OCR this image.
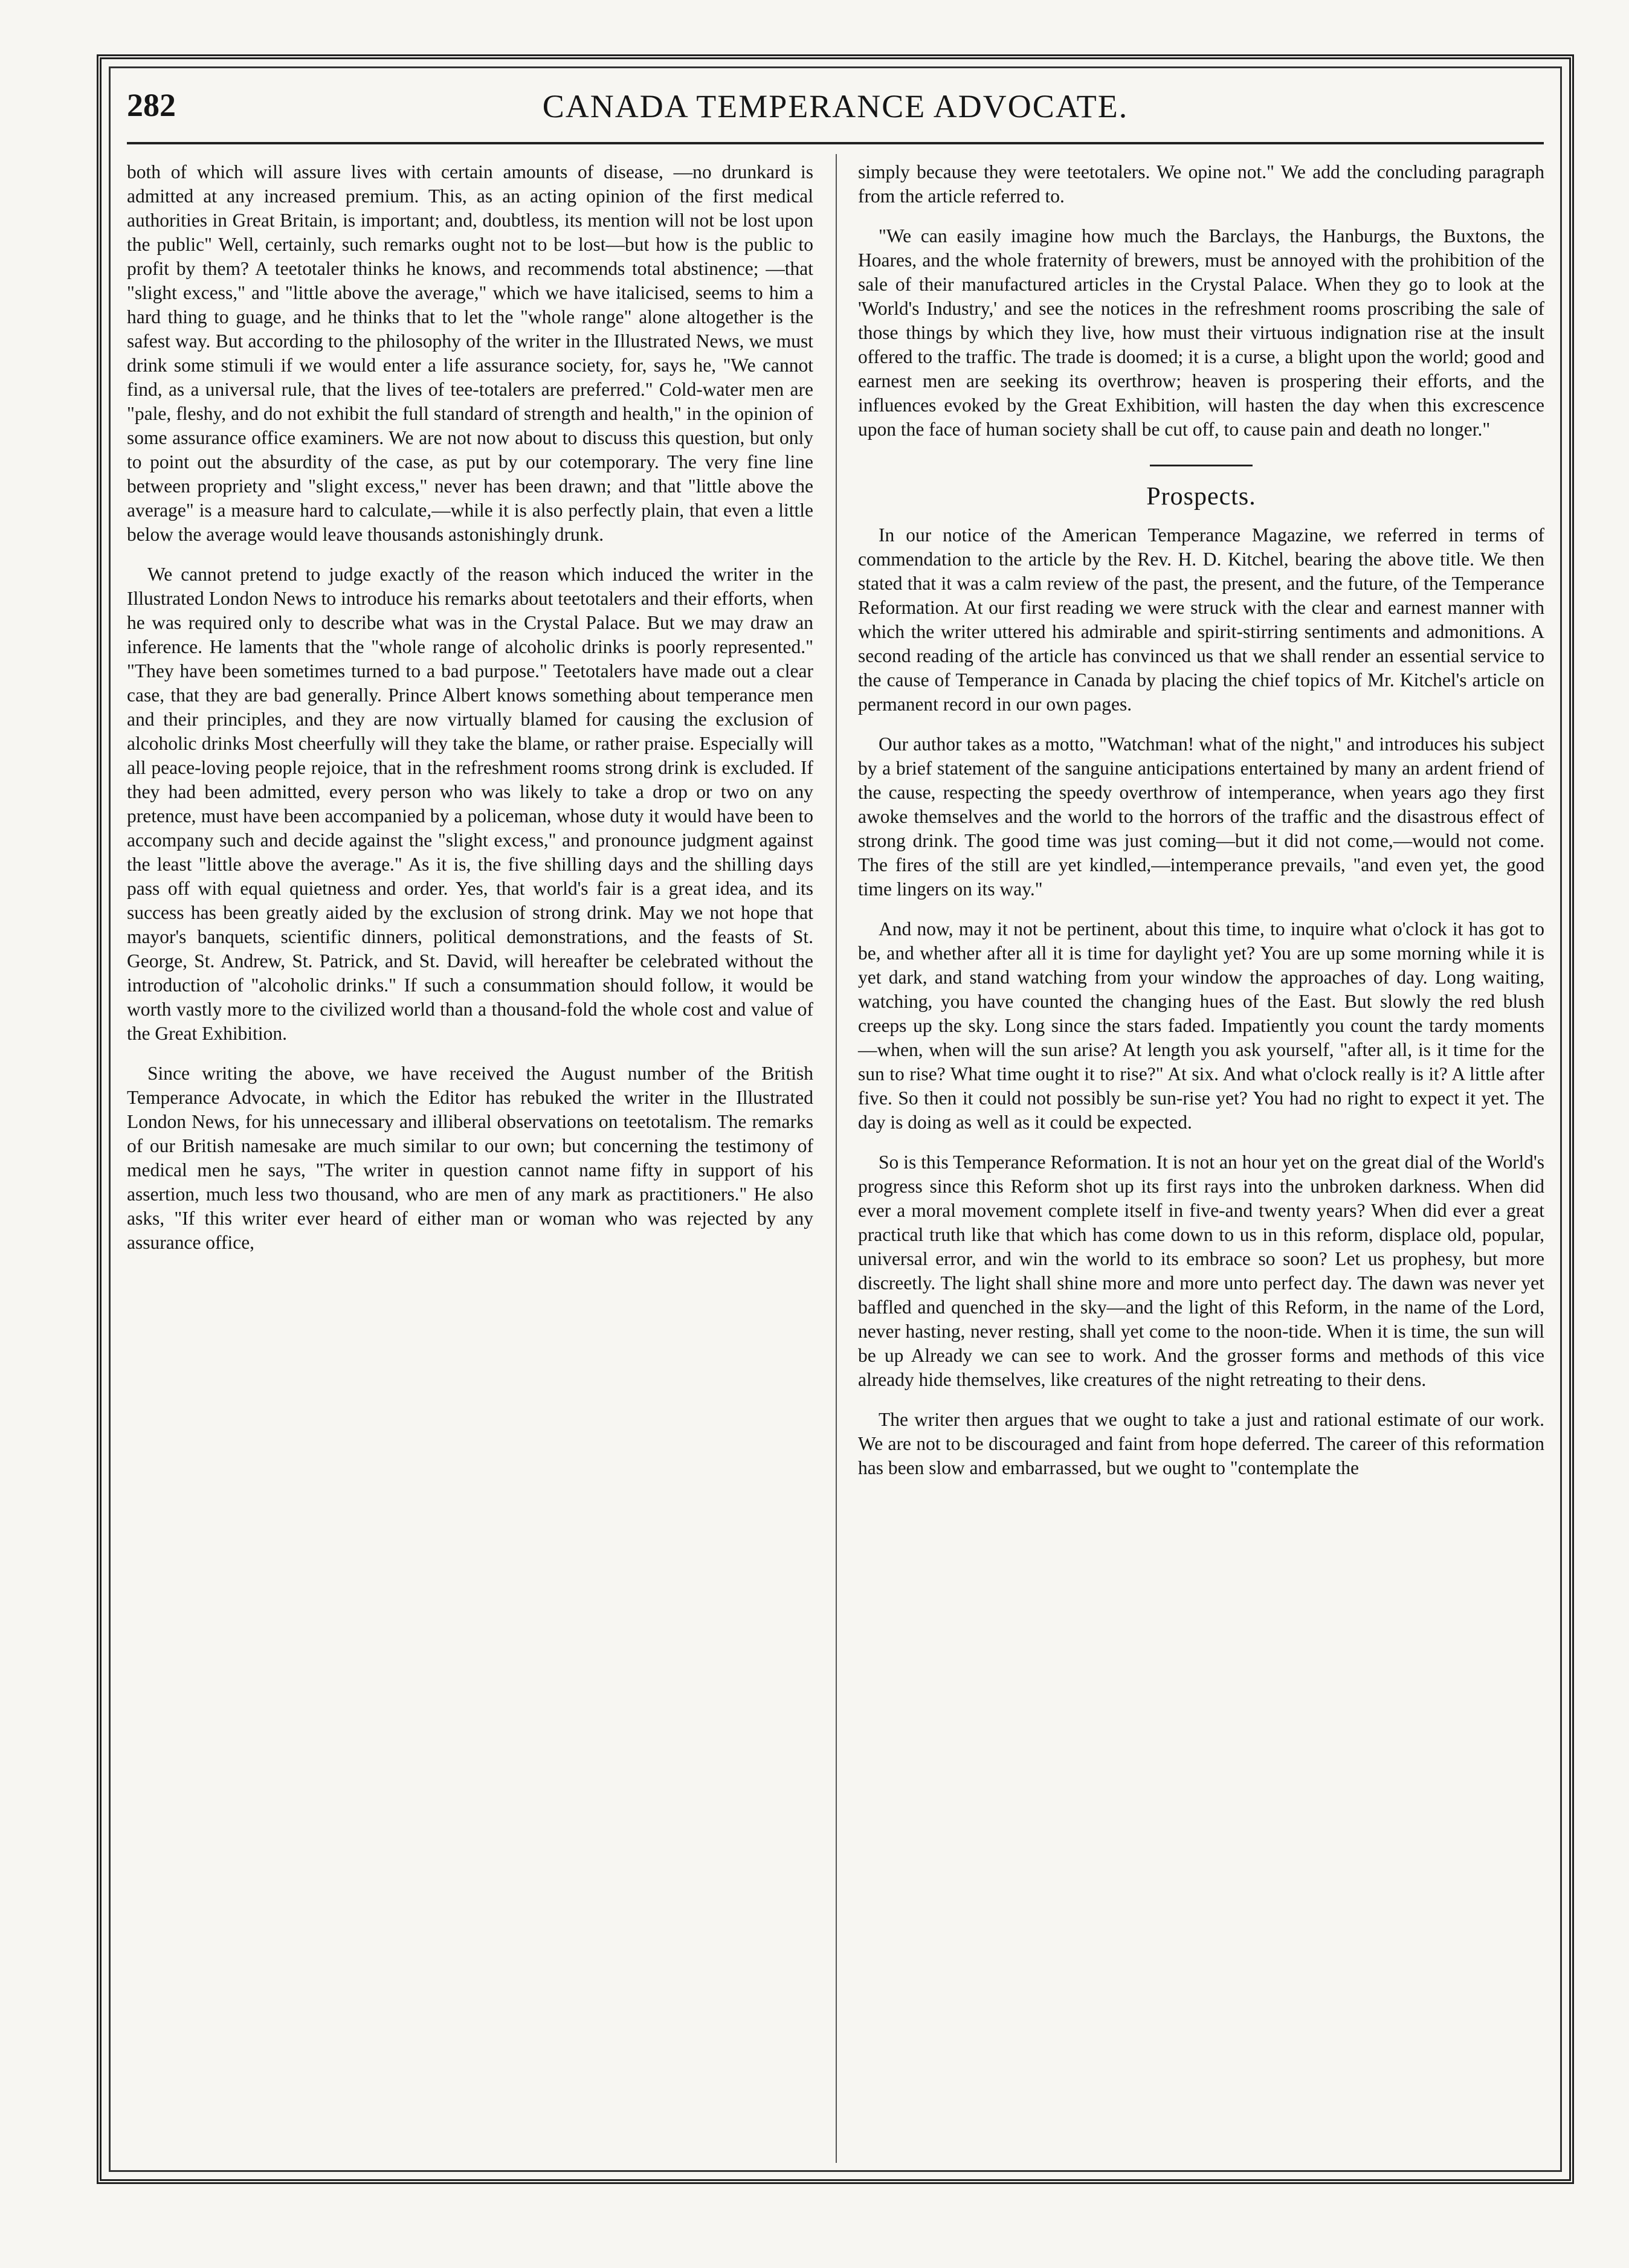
282	CANADA TEMPERANCE ADVOCATE.

both of which will assure lives with certain amounts of disease, —no drunkard is admitted at any increased premium. This, as an acting opinion of the first medical authorities in Great Britain, is important; and, doubtless, its mention will not be lost upon the public" Well, certainly, such remarks ought not to be lost—but how is the public to profit by them? A teetotaler thinks he knows, and recommends total abstinence; —that "slight excess," and "little above the average," which we have italicised, seems to him a hard thing to guage, and he thinks that to let the "whole range" alone altogether is the safest way. But according to the philosophy of the writer in the Illustrated News, we must drink some stimuli if we would enter a life assurance society, for, says he, "We cannot find, as a universal rule, that the lives of tee-totalers are preferred." Cold-water men are "pale, fleshy, and do not exhibit the full standard of strength and health," in the opinion of some assurance office examiners. We are not now about to discuss this question, but only to point out the absurdity of the case, as put by our cotemporary. The very fine line between propriety and "slight excess," never has been drawn; and that "little above the average" is a measure hard to calculate,—while it is also perfectly plain, that even a little below the average would leave thousands astonishingly drunk.

We cannot pretend to judge exactly of the reason which induced the writer in the Illustrated London News to introduce his remarks about teetotalers and their efforts, when he was required only to describe what was in the Crystal Palace. But we may draw an inference. He laments that the "whole range of alcoholic drinks is poorly represented." "They have been sometimes turned to a bad purpose." Teetotalers have made out a clear case, that they are bad generally. Prince Albert knows something about temperance men and their principles, and they are now virtually blamed for causing the exclusion of alcoholic drinks Most cheerfully will they take the blame, or rather praise. Especially will all peace-loving people rejoice, that in the refreshment rooms strong drink is excluded. If they had been admitted, every person who was likely to take a drop or two on any pretence, must have been accompanied by a policeman, whose duty it would have been to accompany such and decide against the "slight excess," and pronounce judgment against the least "little above the average." As it is, the five shilling days and the shilling days pass off with equal quietness and order. Yes, that world's fair is a great idea, and its success has been greatly aided by the exclusion of strong drink. May we not hope that mayor's banquets, scientific dinners, political demonstrations, and the feasts of St. George, St. Andrew, St. Patrick, and St. David, will hereafter be celebrated without the introduction of "alcoholic drinks." If such a consummation should follow, it would be worth vastly more to the civilized world than a thousand-fold the whole cost and value of the Great Exhibition.

Since writing the above, we have received the August number of the British Temperance Advocate, in which the Editor has rebuked the writer in the Illustrated London News, for his unnecessary and illiberal observations on teetotalism. The remarks of our British namesake are much similar to our own; but concerning the testimony of medical men he says, "The writer in question cannot name fifty in support of his assertion, much less two thousand, who are men of any mark as practitioners." He also asks, "If this writer ever heard of either man or woman who was rejected by any assurance office,

simply because they were teetotalers. We opine not." We add the concluding paragraph from the article referred to.

"We can easily imagine how much the Barclays, the Hanburgs, the Buxtons, the Hoares, and the whole fraternity of brewers, must be annoyed with the prohibition of the sale of their manufactured articles in the Crystal Palace. When they go to look at the 'World's Industry,' and see the notices in the refreshment rooms proscribing the sale of those things by which they live, how must their virtuous indignation rise at the insult offered to the traffic. The trade is doomed; it is a curse, a blight upon the world; good and earnest men are seeking its overthrow; heaven is prospering their efforts, and the influences evoked by the Great Exhibition, will hasten the day when this excrescence upon the face of human society shall be cut off, to cause pain and death no longer."

Prospects.

In our notice of the American Temperance Magazine, we referred in terms of commendation to the article by the Rev. H. D. Kitchel, bearing the above title. We then stated that it was a calm review of the past, the present, and the future, of the Temperance Reformation. At our first reading we were struck with the clear and earnest manner with which the writer uttered his admirable and spirit-stirring sentiments and admonitions. A second reading of the article has convinced us that we shall render an essential service to the cause of Temperance in Canada by placing the chief topics of Mr. Kitchel's article on permanent record in our own pages.

Our author takes as a motto, "Watchman! what of the night," and introduces his subject by a brief statement of the sanguine anticipations entertained by many an ardent friend of the cause, respecting the speedy overthrow of intemperance, when years ago they first awoke themselves and the world to the horrors of the traffic and the disastrous effect of strong drink. The good time was just coming—but it did not come,—would not come. The fires of the still are yet kindled,—intemperance prevails, "and even yet, the good time lingers on its way."

And now, may it not be pertinent, about this time, to inquire what o'clock it has got to be, and whether after all it is time for daylight yet? You are up some morning while it is yet dark, and stand watching from your window the approaches of day. Long waiting, watching, you have counted the changing hues of the East. But slowly the red blush creeps up the sky. Long since the stars faded. Impatiently you count the tardy moments —when, when will the sun arise? At length you ask yourself, "after all, is it time for the sun to rise? What time ought it to rise?" At six. And what o'clock really is it? A little after five. So then it could not possibly be sun-rise yet? You had no right to expect it yet. The day is doing as well as it could be expected.

So is this Temperance Reformation. It is not an hour yet on the great dial of the World's progress since this Reform shot up its first rays into the unbroken darkness. When did ever a moral movement complete itself in five-and twenty years? When did ever a great practical truth like that which has come down to us in this reform, displace old, popular, universal error, and win the world to its embrace so soon? Let us prophesy, but more discreetly. The light shall shine more and more unto perfect day. The dawn was never yet baffled and quenched in the sky—and the light of this Reform, in the name of the Lord, never hasting, never resting, shall yet come to the noon-tide. When it is time, the sun will be up Already we can see to work. And the grosser forms and methods of this vice already hide themselves, like creatures of the night retreating to their dens.

The writer then argues that we ought to take a just and rational estimate of our work. We are not to be discouraged and faint from hope deferred. The career of this reformation has been slow and embarrassed, but we ought to "contemplate the
